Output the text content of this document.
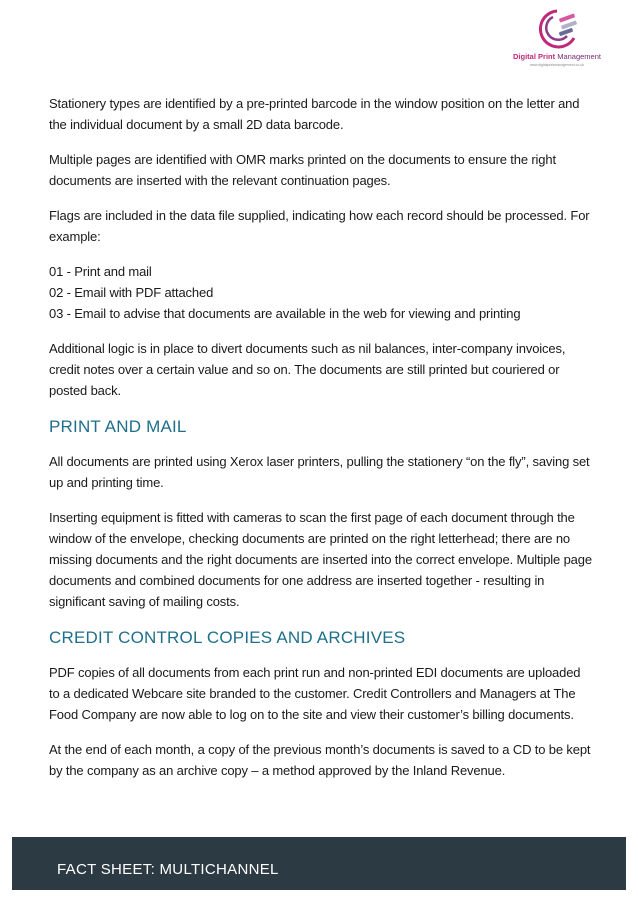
Digital Print Management
www.digitalprintmanagement.co.uk

Stationery types are identified by a pre-printed barcode in the window position on the letter and the individual document by a small 2D data barcode.

Multiple pages are identified with OMR marks printed on the documents to ensure the right documents are inserted with the relevant continuation pages.

Flags are included in the data file supplied, indicating how each record should be processed. For example:

01 - Print and mail

02 - Email with PDF attached

03 - Email to advise that documents are available in the web for viewing and printing

Additional logic is in place to divert documents such as nil balances, inter-company invoices, credit notes over a certain value and so on. The documents are still printed but couriered or posted back.

PRINT AND MAIL

All documents are printed using Xerox laser printers, pulling the stationery “on the fly”, saving set up and printing time.

Inserting equipment is fitted with cameras to scan the first page of each document through the window of the envelope, checking documents are printed on the right letterhead; there are no missing documents and the right documents are inserted into the correct envelope. Multiple page documents and combined documents for one address are inserted together - resulting in significant saving of mailing costs.

CREDIT CONTROL COPIES AND ARCHIVES

PDF copies of all documents from each print run and non-printed EDI documents are uploaded to a dedicated Webcare site branded to the customer. Credit Controllers and Managers at The Food Company are now able to log on to the site and view their customer’s billing documents.

At the end of each month, a copy of the previous month’s documents is saved to a CD to be kept by the company as an archive copy – a method approved by the Inland Revenue.

FACT SHEET: MULTICHANNEL
